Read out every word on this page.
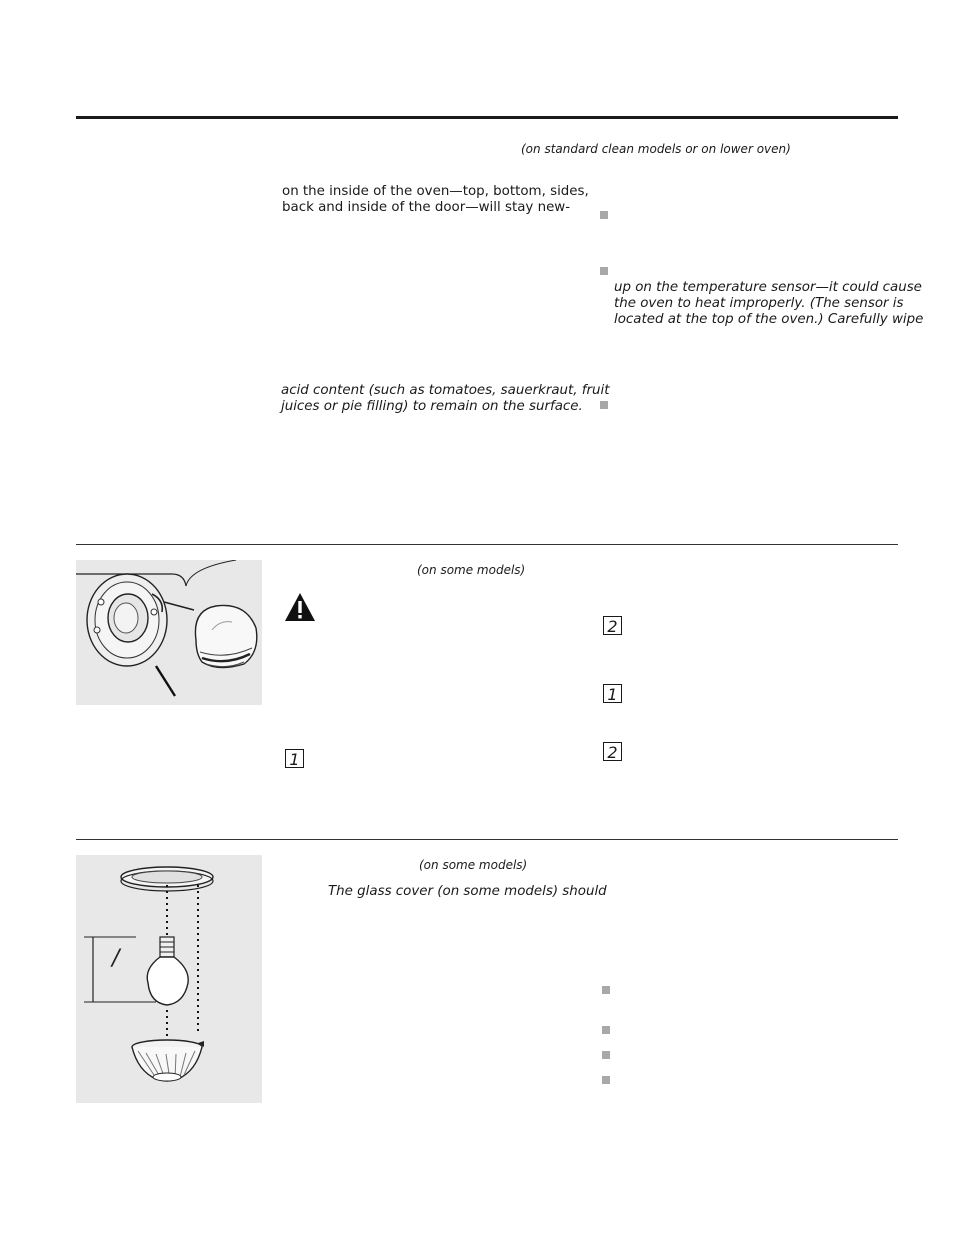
(on standard clean models or on lower oven)
on the inside of the oven—top, bottom, sides,
back and inside of the door—will stay new-
acid content (such as tomatoes, sauerkraut, fruit
juices or pie filling) to remain on the surface.
up on the temperature sensor—it could cause
the oven to heat improperly. (The sensor is
located at the top of the oven.) Carefully wipe
(on some models)
1
2
1
2
/
(on some models)
The glass cover (on some models) should
